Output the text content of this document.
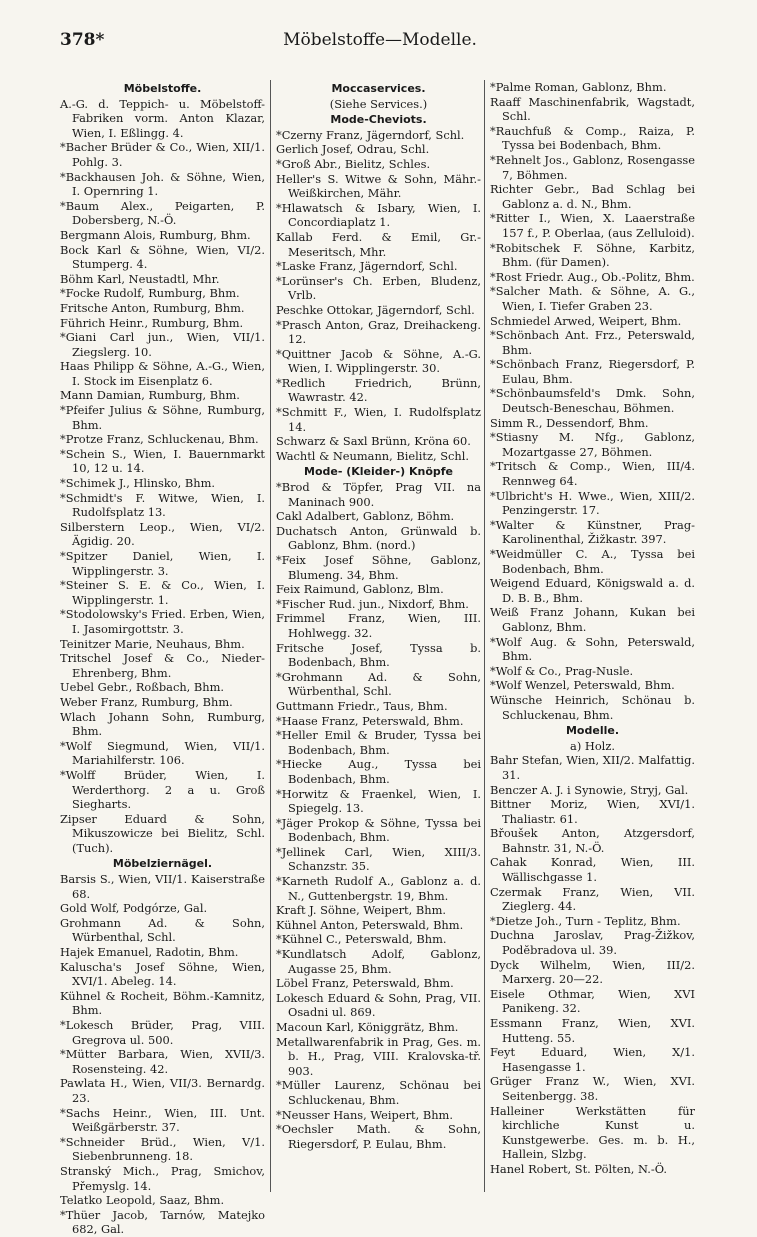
378*	Möbelstoffe—Modelle.
Möbelstoffe.
A.-G. d. Teppich- u. Möbelstoff-Fabriken vorm. Anton Klazar, Wien, I. Eßlingg. 4.
*Bacher Brüder & Co., Wien, XII/1. Pohlg. 3.
*Backhausen Joh. & Söhne, Wien, I. Opernring 1.
*Baum Alex., Peigarten, P. Dobersberg, N.-Ö.
Bergmann Alois, Rumburg, Bhm.
Bock Karl & Söhne, Wien, VI/2. Stumperg. 4.
Böhm Karl, Neustadtl, Mhr.
*Focke Rudolf, Rumburg, Bhm.
Fritsche Anton, Rumburg, Bhm.
Führich Heinr., Rumburg, Bhm.
*Giani Carl jun., Wien, VII/1. Ziegslerg. 10.
Haas Philipp & Söhne, A.-G., Wien, I. Stock im Eisenplatz 6.
Mann Damian, Rumburg, Bhm.
*Pfeifer Julius & Söhne, Rumburg, Bhm.
*Protze Franz, Schluckenau, Bhm.
*Schein S., Wien, I. Bauernmarkt 10, 12 u. 14.
*Schimek J., Hlinsko, Bhm.
*Schmidt's F. Witwe, Wien, I. Rudolfsplatz 13.
Silberstern Leop., Wien, VI/2. Ägidig. 20.
*Spitzer Daniel, Wien, I. Wipplingerstr. 3.
*Steiner S. E. & Co., Wien, I. Wipplingerstr. 1.
*Stodolowsky's Fried. Erben, Wien, I. Jasomirgottstr. 3.
Teinitzer Marie, Neuhaus, Bhm.
Tritschel Josef & Co., Nieder-Ehrenberg, Bhm.
Uebel Gebr., Roßbach, Bhm.
Weber Franz, Rumburg, Bhm.
Wlach Johann Sohn, Rumburg, Bhm.
*Wolf Siegmund, Wien, VII/1. Mariahilferstr. 106.
*Wolff Brüder, Wien, I. Werderthorg. 2 a u. Groß Siegharts.
Zipser Eduard & Sohn, Mikuszowicze bei Bielitz, Schl. (Tuch).
Möbelziernägel.
Barsis S., Wien, VII/1. Kaiserstraße 68.
Gold Wolf, Podgórze, Gal.
Grohmann Ad. & Sohn, Würbenthal, Schl.
Hajek Emanuel, Radotin, Bhm.
Kaluscha's Josef Söhne, Wien, XVI/1. Abeleg. 14.
Kühnel & Rocheit, Böhm.-Kamnitz, Bhm.
*Lokesch Brüder, Prag, VIII. Gregrova ul. 500.
*Mütter Barbara, Wien, XVII/3. Rosensteing. 42.
Pawlata H., Wien, VII/3. Bernardg. 23.
*Sachs Heinr., Wien, III. Unt. Weißgärberstr. 37.
*Schneider Brüd., Wien, V/1. Siebenbrunneng. 18.
Stranský Mich., Prag, Smichov, Přemyslg. 14.
Telatko Leopold, Saaz, Bhm.
*Thüer Jacob, Tarnów, Matejko 682, Gal.
Moccaservices.
(Siehe Services.)
Mode-Cheviots.
*Czerny Franz, Jägerndorf, Schl.
Gerlich Josef, Odrau, Schl.
*Groß Abr., Bielitz, Schles.
Heller's S. Witwe & Sohn, Mähr.-Weißkirchen, Mähr.
*Hlawatsch & Isbary, Wien, I. Concordiaplatz 1.
Kallab Ferd. & Emil, Gr.-Meseritsch, Mhr.
*Laske Franz, Jägerndorf, Schl.
*Lorünser's Ch. Erben, Bludenz, Vrlb.
Peschke Ottokar, Jägerndorf, Schl.
*Prasch Anton, Graz, Dreihackeng. 12.
*Quittner Jacob & Söhne, A.-G. Wien, I. Wipplingerstr. 30.
*Redlich Friedrich, Brünn, Wawrastr. 42.
*Schmitt F., Wien, I. Rudolfsplatz 14.
Schwarz & Saxl Brünn, Kröna 60.
Wachtl & Neumann, Bielitz, Schl.
Mode- (Kleider-) Knöpfe
*Brod & Töpfer, Prag VII. na Maninach 900.
Cakl Adalbert, Gablonz, Böhm.
Duchatsch Anton, Grünwald b. Gablonz, Bhm. (nord.)
*Feix Josef Söhne, Gablonz, Blumeng. 34, Bhm.
Feix Raimund, Gablonz, Blm.
*Fischer Rud. jun., Nixdorf, Bhm.
Frimmel Franz, Wien, III. Hohlwegg. 32.
Fritsche Josef, Tyssa b. Bodenbach, Bhm.
*Grohmann Ad. & Sohn, Würbenthal, Schl.
Guttmann Friedr., Taus, Bhm.
*Haase Franz, Peterswald, Bhm.
*Heller Emil & Bruder, Tyssa bei Bodenbach, Bhm.
*Hiecke Aug., Tyssa bei Bodenbach, Bhm.
*Horwitz & Fraenkel, Wien, I. Spiegelg. 13.
*Jäger Prokop & Söhne, Tyssa bei Bodenbach, Bhm.
*Jellinek Carl, Wien, XIII/3. Schanzstr. 35.
*Karneth Rudolf A., Gablonz a. d. N., Guttenbergstr. 19, Bhm.
Kraft J. Söhne, Weipert, Bhm.
Kühnel Anton, Peterswald, Bhm.
*Kühnel C., Peterswald, Bhm.
*Kundlatsch Adolf, Gablonz, Augasse 25, Bhm.
Löbel Franz, Peterswald, Bhm.
Lokesch Eduard & Sohn, Prag, VII. Osadni ul. 869.
Macoun Karl, Königgrätz, Bhm.
Metallwarenfabrik in Prag, Ges. m. b. H., Prag, VIII. Kralovska-tř. 903.
*Müller Laurenz, Schönau bei Schluckenau, Bhm.
*Neusser Hans, Weipert, Bhm.
*Oechsler Math. & Sohn, Riegersdorf, P. Eulau, Bhm.
*Palme Roman, Gablonz, Bhm.
Raaff Maschinenfabrik, Wagstadt, Schl.
*Rauchfuß & Comp., Raiza, P. Tyssa bei Bodenbach, Bhm.
*Rehnelt Jos., Gablonz, Rosengasse 7, Böhmen.
Richter Gebr., Bad Schlag bei Gablonz a. d. N., Bhm.
*Ritter I., Wien, X. Laaerstraße 157 f., P. Oberlaa, (aus Zelluloid).
*Robitschek F. Söhne, Karbitz, Bhm. (für Damen).
*Rost Friedr. Aug., Ob.-Politz, Bhm.
*Salcher Math. & Söhne, A. G., Wien, I. Tiefer Graben 23.
Schmiedel Arwed, Weipert, Bhm.
*Schönbach Ant. Frz., Peterswald, Bhm.
*Schönbach Franz, Riegersdorf, P. Eulau, Bhm.
*Schönbaumsfeld's Dmk. Sohn, Deutsch-Beneschau, Böhmen.
Simm R., Dessendorf, Bhm.
*Stiasny M. Nfg., Gablonz, Mozartgasse 27, Böhmen.
*Tritsch & Comp., Wien, III/4. Rennweg 64.
*Ulbricht's H. Wwe., Wien, XIII/2. Penzingerstr. 17.
*Walter & Künstner, Prag-Karolinenthal, Žižkastr. 397.
*Weidmüller C. A., Tyssa bei Bodenbach, Bhm.
Weigend Eduard, Königswald a. d. D. B. B., Bhm.
Weiß Franz Johann, Kukan bei Gablonz, Bhm.
*Wolf Aug. & Sohn, Peterswald, Bhm.
*Wolf & Co., Prag-Nusle.
*Wolf Wenzel, Peterswald, Bhm.
Wünsche Heinrich, Schönau b. Schluckenau, Bhm.
Modelle.
a) Holz.
Bahr Stefan, Wien, XII/2. Malfattig. 31.
Benczer A. J. i Synowie, Stryj, Gal.
Bittner Moriz, Wien, XVI/1. Thaliastr. 61.
Břoušek Anton, Atzgersdorf, Bahnstr. 31, N.-Ö.
Cahak Konrad, Wien, III. Wällischgasse 1.
Czermak Franz, Wien, VII. Zieglerg. 44.
*Dietze Joh., Turn - Teplitz, Bhm.
Duchna Jaroslav, Prag-Žižkov, Podĕbradova ul. 39.
Dyck Wilhelm, Wien, III/2. Marxerg. 20—22.
Eisele Othmar, Wien, XVI Panikeng. 32.
Essmann Franz, Wien, XVI. Hutteng. 55.
Feyt Eduard, Wien, X/1. Hasengasse 1.
Grüger Franz W., Wien, XVI. Seitenbergg. 38.
Halleiner Werkstätten für kirchliche Kunst u. Kunstgewerbe. Ges. m. b. H., Hallein, Slzbg.
Hanel Robert, St. Pölten, N.-Ö.
